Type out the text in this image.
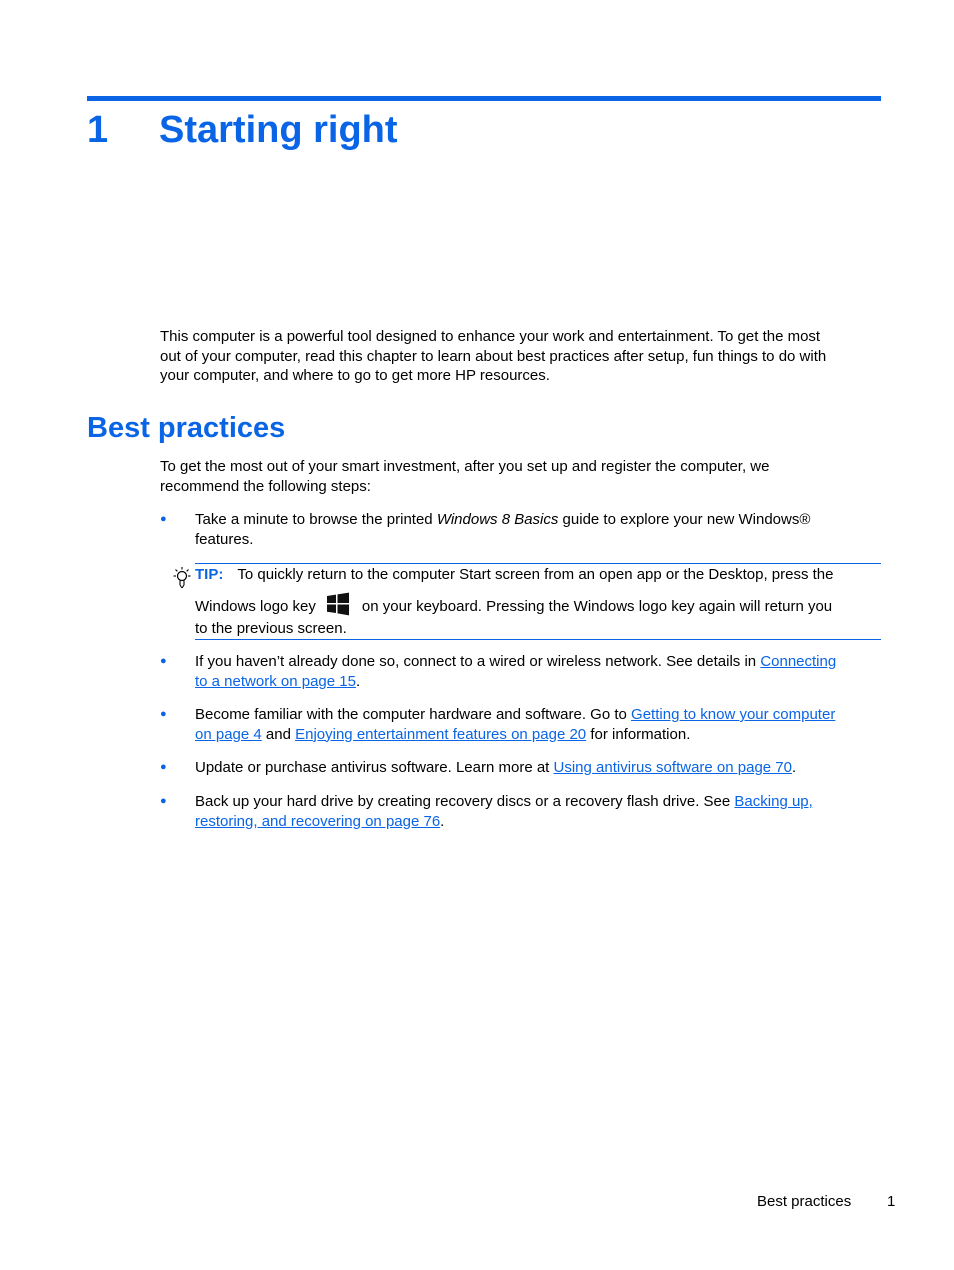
1 Starting right
This computer is a powerful tool designed to enhance your work and entertainment. To get the most
out of your computer, read this chapter to learn about best practices after setup, fun things to do with
your computer, and where to go to get more HP resources.
Best practices
To get the most out of your smart investment, after you set up and register the computer, we
recommend the following steps:
● Take a minute to browse the printed Windows 8 Basics guide to explore your new Windows®
features.
TIP: To quickly return to the computer Start screen from an open app or the Desktop, press the
Windows logo key	on your keyboard. Pressing the Windows logo key again will return you
to the previous screen.
● If you haven’t already done so, connect to a wired or wireless network. See details in Connecting
to a network on page 15.
● Become familiar with the computer hardware and software. Go to Getting to know your computer
on page 4 and Enjoying entertainment features on page 20 for information.
● Update or purchase antivirus software. Learn more at Using antivirus software on page 70.
● Back up your hard drive by creating recovery discs or a recovery flash drive. See Backing up,
restoring, and recovering on page 76.
Best practices 1
